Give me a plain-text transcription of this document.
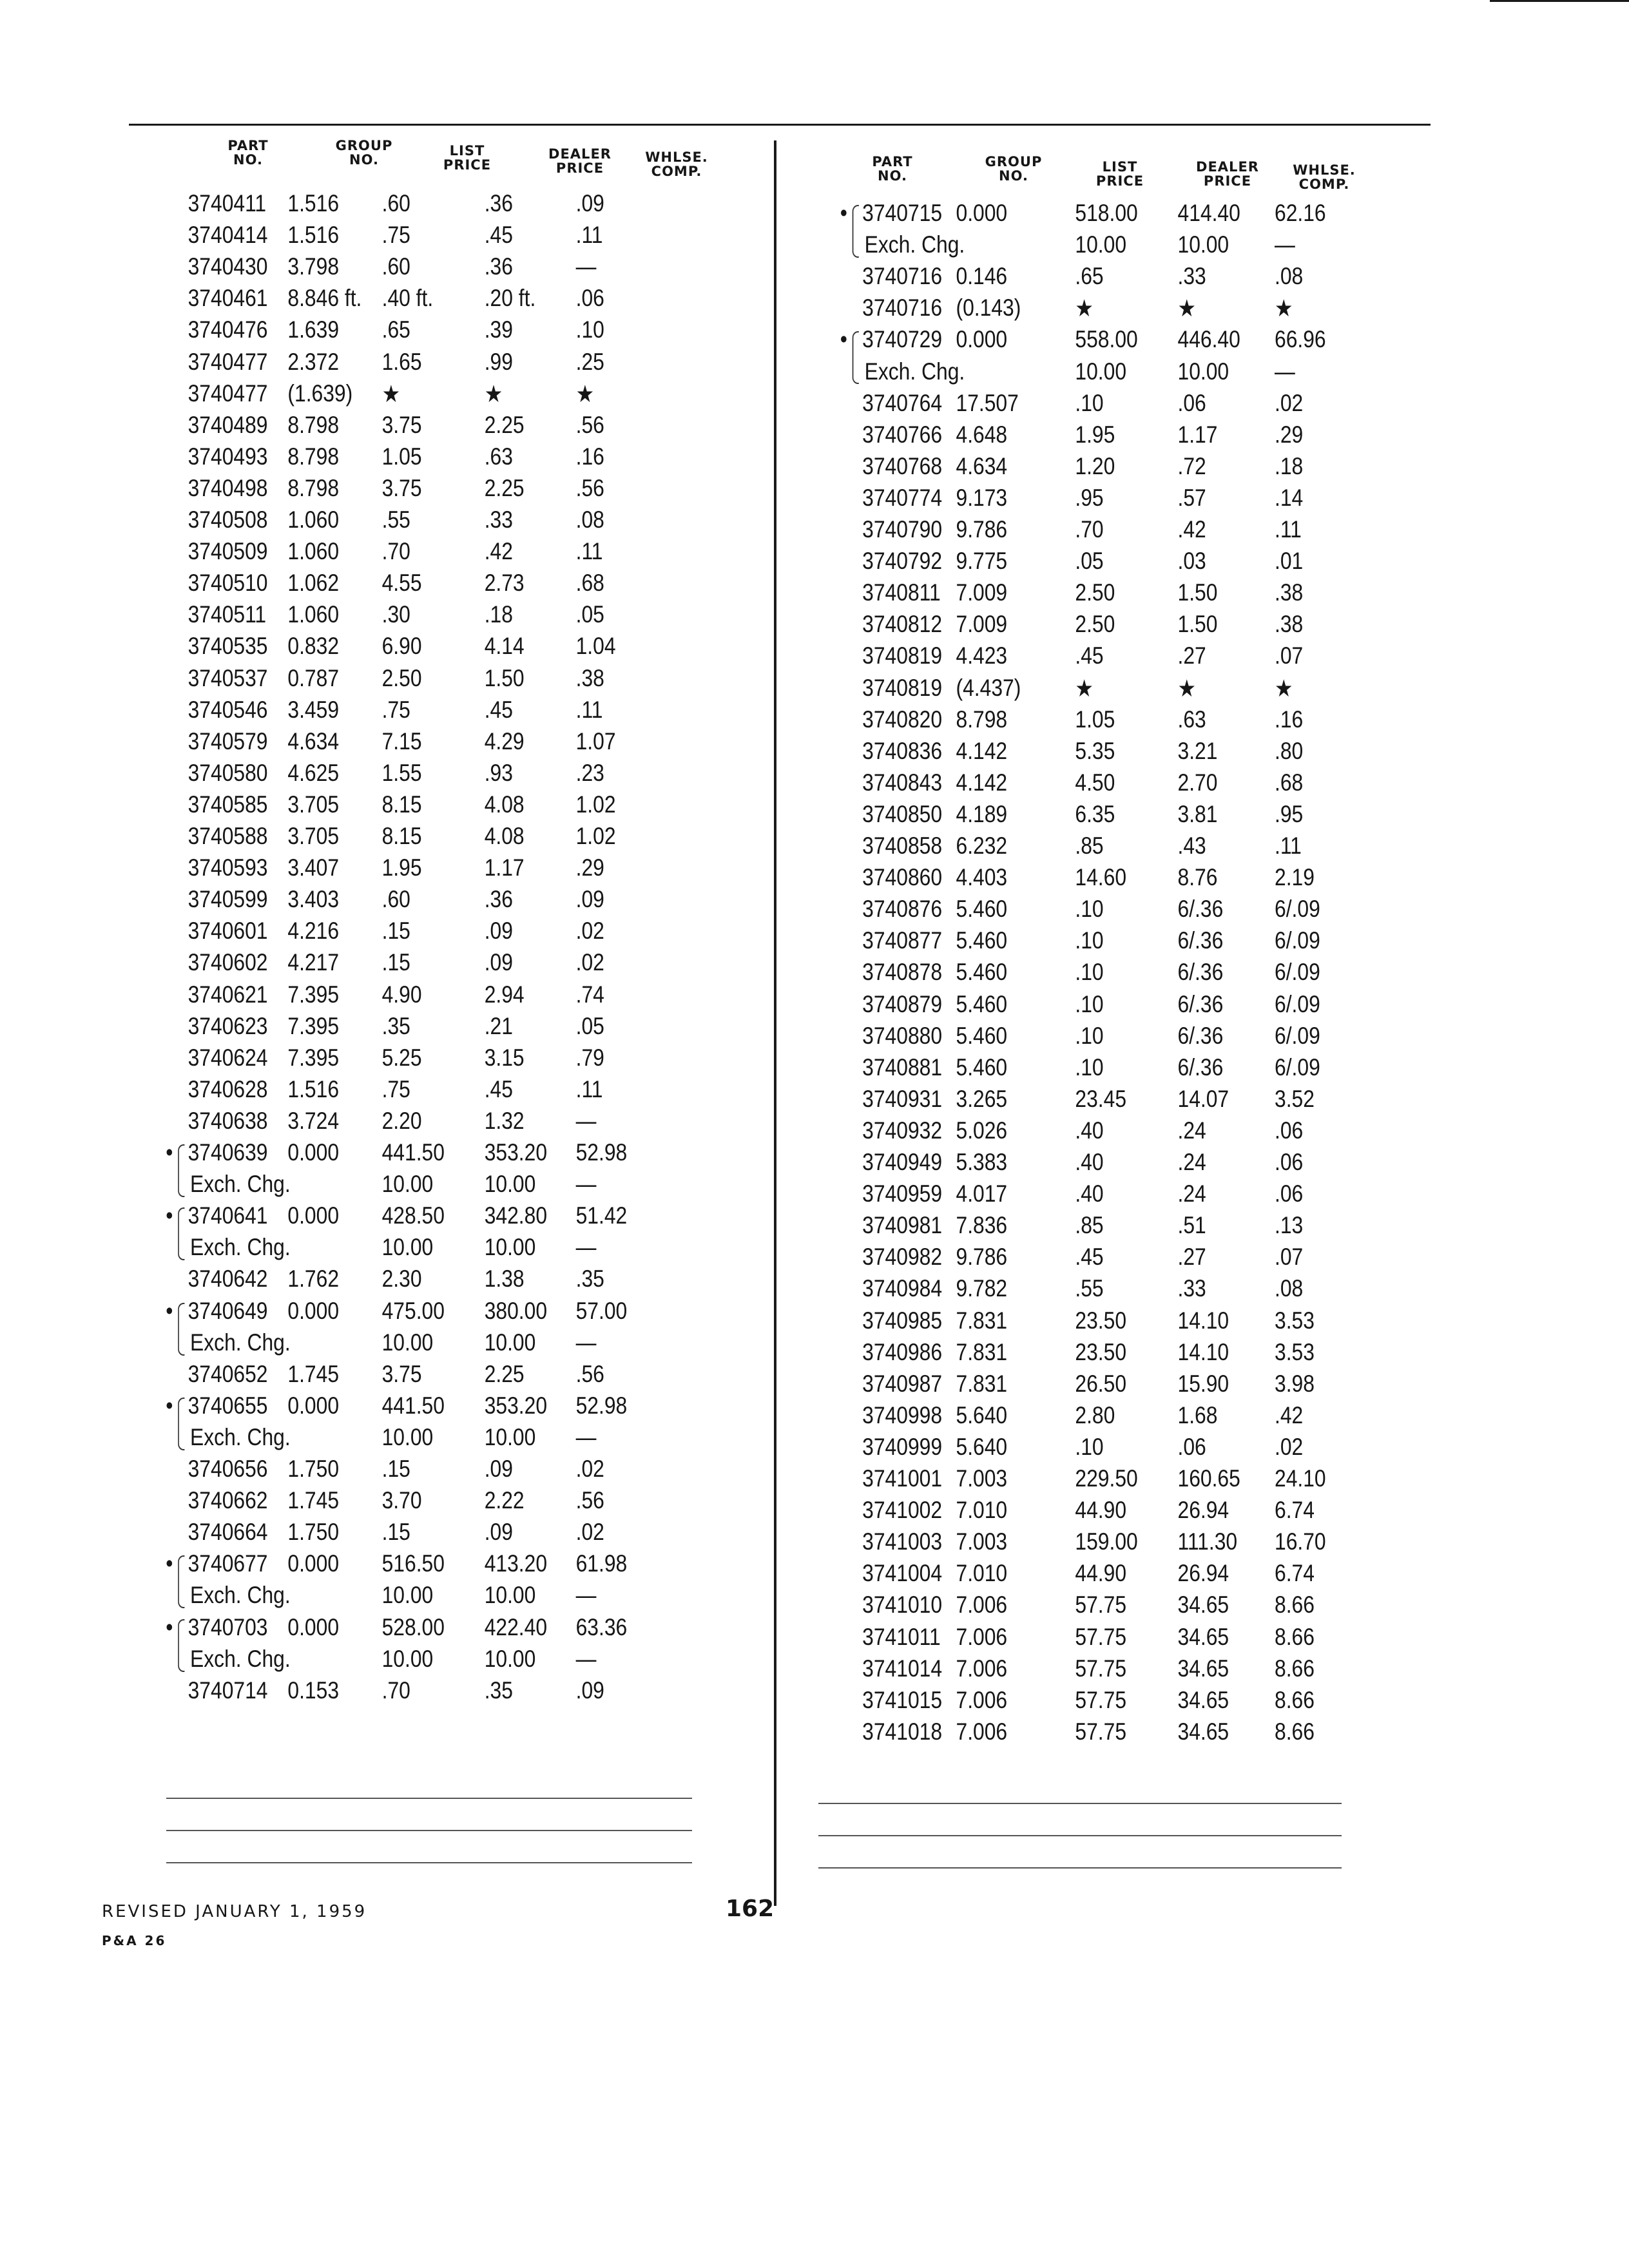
PART
NO.
GROUP
NO.
LIST
PRICE
DEALER
PRICE
WHLSE.
COMP.
3740411 1.516 .60	.36	.09
3740414 1.516 .75	.45	.11
3740430 3.798 .60	.36	—
3740461 8.846 ft. .40 ft. .20 ft. .06
3740476 1.639 .65	.39	.10
3740477 2.372 1.65	.99	.25
3740477 (1.639) ★	★	★
3740489 8.798 3.75	2.25 .56
3740493 8.798 1.05	.63	.16
3740498 8.798 3.75	2.25 .56
3740508 1.060 .55	.33	.08
3740509 1.060 .70	.42	.11
3740510 1.062 4.55	2.73 .68
3740511 1.060 .30	.18	.05
3740535 0.832 6.90	4.14 1.04
3740537 0.787 2.50	1.50 .38
3740546 3.459 .75	.45	.11
3740579 4.634 7.15	4.29 1.07
3740580 4.625 1.55	.93	.23
3740585 3.705 8.15	4.08 1.02
3740588 3.705 8.15	4.08 1.02
3740593 3.407 1.95	1.17 .29
3740599 3.403 .60	.36	.09
3740601 4.216 .15	.09	.02
3740602 4.217 .15	.09	.02
3740621 7.395 4.90	2.94 .74
3740623 7.395 .35	.21	.05
3740624 7.395 5.25	3.15 .79
3740628 1.516 .75	.45	.11
3740638 3.724 2.20	1.32 —
• 3740639 0.000 441.50 353.20 52.98
Exch. Chg.	10.00 10.00 —
• 3740641 0.000 428.50 342.80 51.42
Exch. Chg.	10.00 10.00 —
3740642 1.762 2.30	1.38 .35
• 3740649 0.000 475.00 380.00 57.00
Exch. Chg.	10.00 10.00 —
3740652 1.745 3.75	2.25 .56
• 3740655 0.000 441.50 353.20 52.98
Exch. Chg.	10.00 10.00 —
3740656 1.750 .15	.09	.02
3740662 1.745 3.70	2.22 .56
3740664 1.750 .15	.09	.02
• 3740677 0.000 516.50 413.20 61.98
Exch. Chg.	10.00 10.00 —
• 3740703 0.000 528.00 422.40 63.36
Exch. Chg.	10.00 10.00 —
3740714 0.153 .70	.35	.09
PART
NO.
GROUP
NO.
LIST
PRICE
DEALER
PRICE
WHLSE.
COMP.
• 3740715 0.000	518.00 414.40 62.16
Exch. Chg.	10.00 10.00 —
3740716 0.146	.65	.33	.08
3740716 (0.143) ★	★	★
• 3740729 0.000	558.00 446.40 66.96
Exch. Chg.	10.00 10.00 —
3740764 17.507 .10	.06	.02
3740766 4.648	1.95	1.17 .29
3740768 4.634	1.20	.72	.18
3740774 9.173	.95	.57	.14
3740790 9.786	.70	.42	.11
3740792 9.775	.05	.03	.01
3740811 7.009	2.50	1.50 .38
3740812 7.009	2.50	1.50 .38
3740819 4.423	.45	.27	.07
3740819 (4.437) ★	★	★
3740820 8.798	1.05	.63	.16
3740836 4.142	5.35	3.21 .80
3740843 4.142	4.50	2.70 .68
3740850 4.189	6.35	3.81 .95
3740858 6.232	.85	.43	.11
3740860 4.403	14.60 8.76 2.19
3740876 5.460	.10	6/.36 6/.09
3740877 5.460	.10	6/.36 6/.09
3740878 5.460	.10	6/.36 6/.09
3740879 5.460	.10	6/.36 6/.09
3740880 5.460	.10	6/.36 6/.09
3740881 5.460	.10	6/.36 6/.09
3740931 3.265	23.45 14.07 3.52
3740932 5.026	.40	.24	.06
3740949 5.383	.40	.24	.06
3740959 4.017	.40	.24	.06
3740981 7.836	.85	.51	.13
3740982 9.786	.45	.27	.07
3740984 9.782	.55	.33	.08
3740985 7.831	23.50 14.10 3.53
3740986 7.831	23.50 14.10 3.53
3740987 7.831	26.50 15.90 3.98
3740998 5.640	2.80	1.68 .42
3740999 5.640	.10	.06	.02
3741001 7.003	229.50 160.65 24.10
3741002 7.010	44.90 26.94 6.74
3741003 7.003	159.00 111.30 16.70
3741004 7.010	44.90 26.94 6.74
3741010 7.006	57.75 34.65 8.66
3741011 7.006	57.75 34.65 8.66
3741014 7.006	57.75 34.65 8.66
3741015 7.006	57.75 34.65 8.66
3741018 7.006	57.75 34.65 8.66
REVISED JANUARY 1, 1959
P&A 26
162
